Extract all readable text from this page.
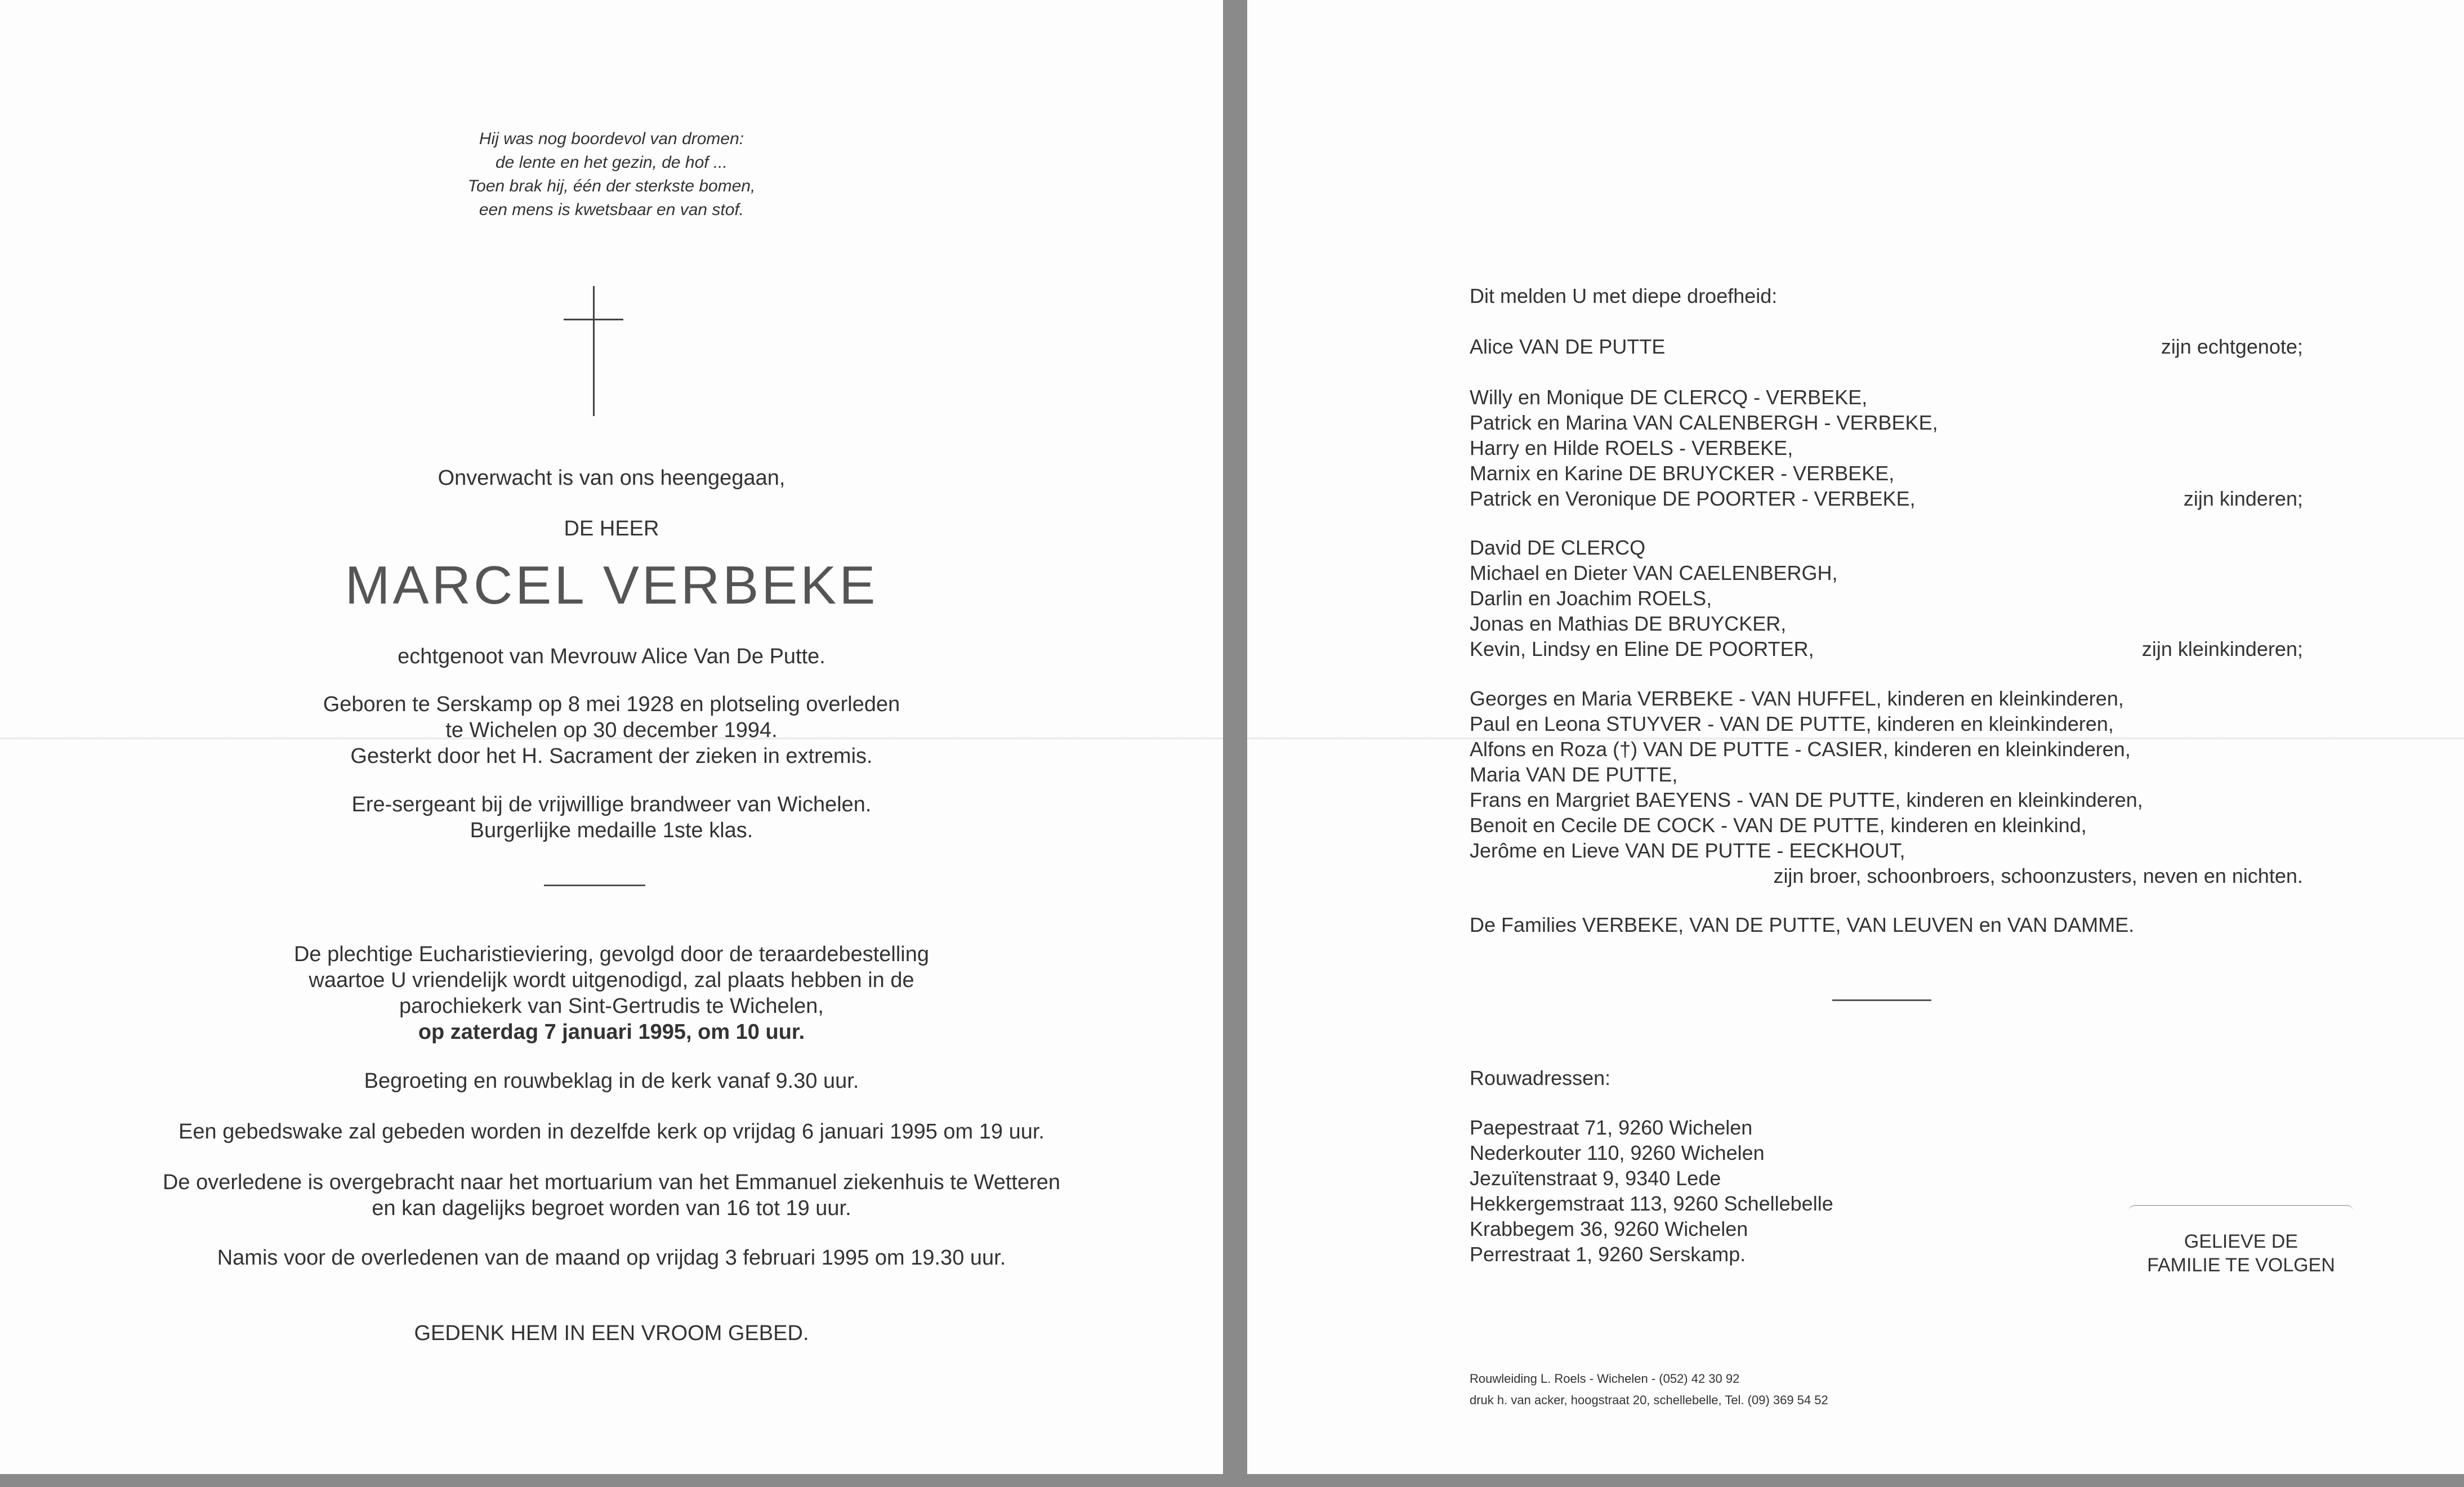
Hij was nog boordevol van dromen:
de lente en het gezin, de hof ...
Toen brak hij, één der sterkste bomen,
een mens is kwetsbaar en van stof.
Onverwacht is van ons heengegaan,
DE HEER
MARCEL VERBEKE
echtgenoot van Mevrouw Alice Van De Putte.
Geboren te Serskamp op 8 mei 1928 en plotseling overleden
te Wichelen op 30 december 1994.
Gesterkt door het H. Sacrament der zieken in extremis.
Ere-sergeant bij de vrijwillige brandweer van Wichelen.
Burgerlijke medaille 1ste klas.
De plechtige Eucharistieviering, gevolgd door de teraardebestelling
waartoe U vriendelijk wordt uitgenodigd, zal plaats hebben in de
parochiekerk van Sint-Gertrudis te Wichelen,
op zaterdag 7 januari 1995, om 10 uur.
Begroeting en rouwbeklag in de kerk vanaf 9.30 uur.
Een gebedswake zal gebeden worden in dezelfde kerk op vrijdag 6 januari 1995 om 19 uur.
De overledene is overgebracht naar het mortuarium van het Emmanuel ziekenhuis te Wetteren
en kan dagelijks begroet worden van 16 tot 19 uur.
Namis voor de overledenen van de maand op vrijdag 3 februari 1995 om 19.30 uur.
GEDENK HEM IN EEN VROOM GEBED.
Dit melden U met diepe droefheid:
Alice VAN DE PUTTE	zijn echtgenote;
Willy en Monique DE CLERCQ - VERBEKE,
Patrick en Marina VAN CALENBERGH - VERBEKE,
Harry en Hilde ROELS - VERBEKE,
Marnix en Karine DE BRUYCKER - VERBEKE,
Patrick en Veronique DE POORTER - VERBEKE,	zijn kinderen;
David DE CLERCQ
Michael en Dieter VAN CAELENBERGH,
Darlin en Joachim ROELS,
Jonas en Mathias DE BRUYCKER,
Kevin, Lindsy en Eline DE POORTER,	zijn kleinkinderen;
Georges en Maria VERBEKE - VAN HUFFEL, kinderen en kleinkinderen,
Paul en Leona STUYVER - VAN DE PUTTE, kinderen en kleinkinderen,
Alfons en Roza (†) VAN DE PUTTE - CASIER, kinderen en kleinkinderen,
Maria VAN DE PUTTE,
Frans en Margriet BAEYENS - VAN DE PUTTE, kinderen en kleinkinderen,
Benoit en Cecile DE COCK - VAN DE PUTTE, kinderen en kleinkind,
Jerôme en Lieve VAN DE PUTTE - EECKHOUT,
zijn broer, schoonbroers, schoonzusters, neven en nichten.
De Families VERBEKE, VAN DE PUTTE, VAN LEUVEN en VAN DAMME.
Rouwadressen:
Paepestraat 71, 9260 Wichelen
Nederkouter 110, 9260 Wichelen
Jezuïtenstraat 9, 9340 Lede
Hekkergemstraat 113, 9260 Schellebelle
Krabbegem 36, 9260 Wichelen
Perrestraat 1, 9260 Serskamp.
GELIEVE DE
FAMILIE TE VOLGEN
Rouwleiding L. Roels - Wichelen - (052) 42 30 92
druk h. van acker, hoogstraat 20, schellebelle, Tel. (09) 369 54 52
